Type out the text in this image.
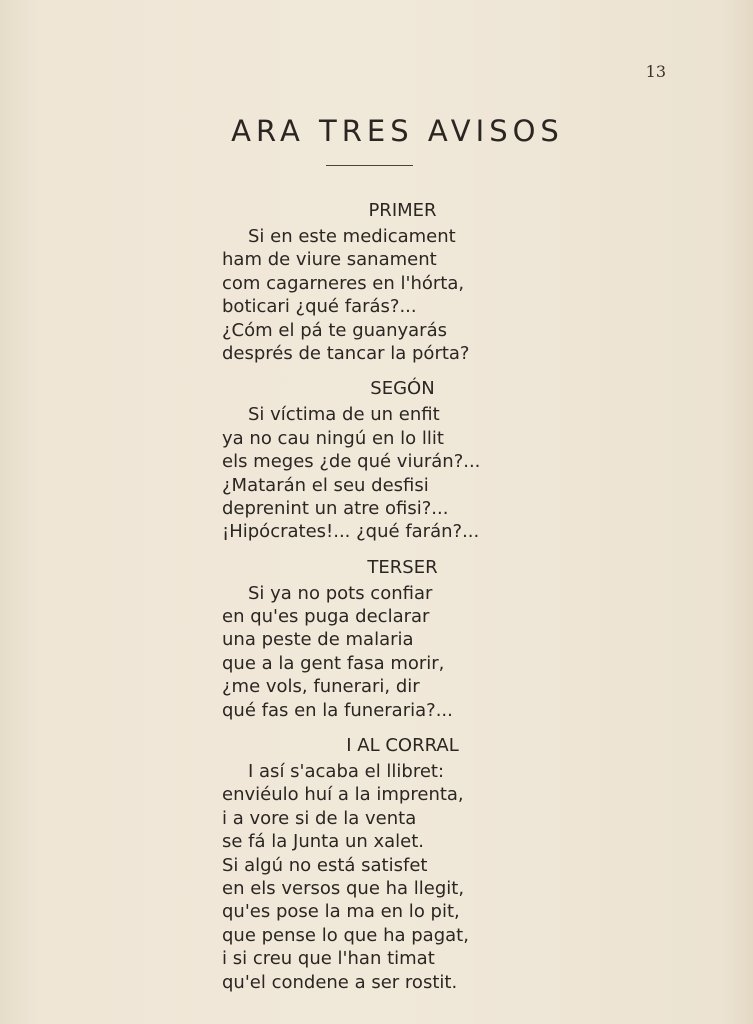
13
ARA TRES AVISOS
PRIMER
Si en este medicament
ham de viure sanament
com cagarneres en l'hórta,
boticari ¿qué farás?...
¿Cóm el pá te guanyarás
després de tancar la pórta?
SEGÓN
Si víctima de un enfit
ya no cau ningú en lo llit
els meges ¿de qué viurán?...
¿Matarán el seu desfisi
deprenint un atre ofisi?...
¡Hipócrates!... ¿qué farán?...
TERSER
Si ya no pots confiar
en qu'es puga declarar
una peste de malaria
que a la gent fasa morir,
¿me vols, funerari, dir
qué fas en la funeraria?...
I AL CORRAL
I así s'acaba el llibret:
enviéulo huí a la imprenta,
i a vore si de la venta
se fá la Junta un xalet.
Si algú no está satisfet
en els versos que ha llegit,
qu'es pose la ma en lo pit,
que pense lo que ha pagat,
i si creu que l'han timat
qu'el condene a ser rostit.
